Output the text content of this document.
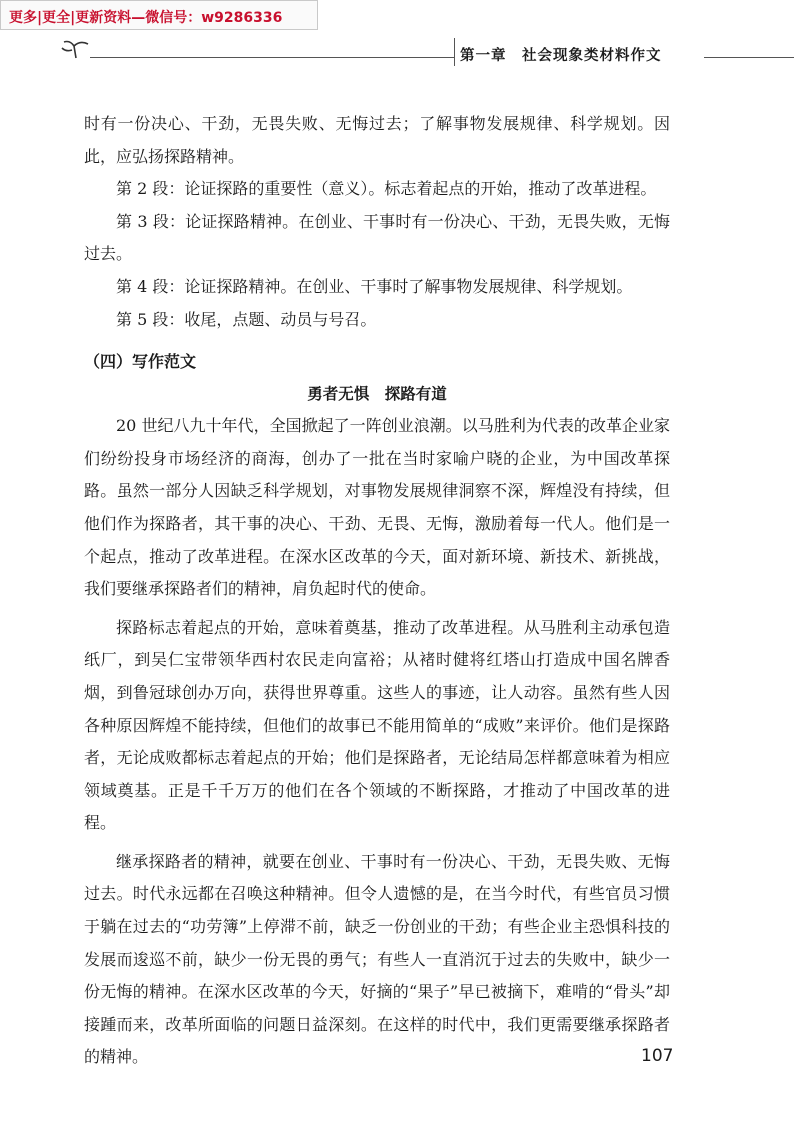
更多|更全|更新资料—微信号：w9286336
第一章　社会现象类材料作文

时有一份决心、干劲，无畏失败、无悔过去；了解事物发展规律、科学规划。因此，应弘扬探路精神。

第 2 段：论证探路的重要性（意义）。标志着起点的开始，推动了改革进程。

第 3 段：论证探路精神。在创业、干事时有一份决心、干劲，无畏失败，无悔过去。

第 4 段：论证探路精神。在创业、干事时了解事物发展规律、科学规划。

第 5 段：收尾，点题、动员与号召。

（四）写作范文

勇者无惧　探路有道

20 世纪八九十年代，全国掀起了一阵创业浪潮。以马胜利为代表的改革企业家们纷纷投身市场经济的商海，创办了一批在当时家喻户晓的企业，为中国改革探路。虽然一部分人因缺乏科学规划，对事物发展规律洞察不深，辉煌没有持续，但他们作为探路者，其干事的决心、干劲、无畏、无悔，激励着每一代人。他们是一个起点，推动了改革进程。在深水区改革的今天，面对新环境、新技术、新挑战，我们要继承探路者们的精神，肩负起时代的使命。

探路标志着起点的开始，意味着奠基，推动了改革进程。从马胜利主动承包造纸厂，到吴仁宝带领华西村农民走向富裕；从褚时健将红塔山打造成中国名牌香烟，到鲁冠球创办万向，获得世界尊重。这些人的事迹，让人动容。虽然有些人因各种原因辉煌不能持续，但他们的故事已不能用简单的“成败”来评价。他们是探路者，无论成败都标志着起点的开始；他们是探路者，无论结局怎样都意味着为相应领域奠基。正是千千万万的他们在各个领域的不断探路，才推动了中国改革的进程。

继承探路者的精神，就要在创业、干事时有一份决心、干劲，无畏失败、无悔过去。时代永远都在召唤这种精神。但令人遗憾的是，在当今时代，有些官员习惯于躺在过去的“功劳簿”上停滞不前，缺乏一份创业的干劲；有些企业主恐惧科技的发展而逡巡不前，缺少一份无畏的勇气；有些人一直消沉于过去的失败中，缺少一份无悔的精神。在深水区改革的今天，好摘的“果子”早已被摘下，难啃的“骨头”却接踵而来，改革所面临的问题日益深刻。在这样的时代中，我们更需要继承探路者的精神。	107
